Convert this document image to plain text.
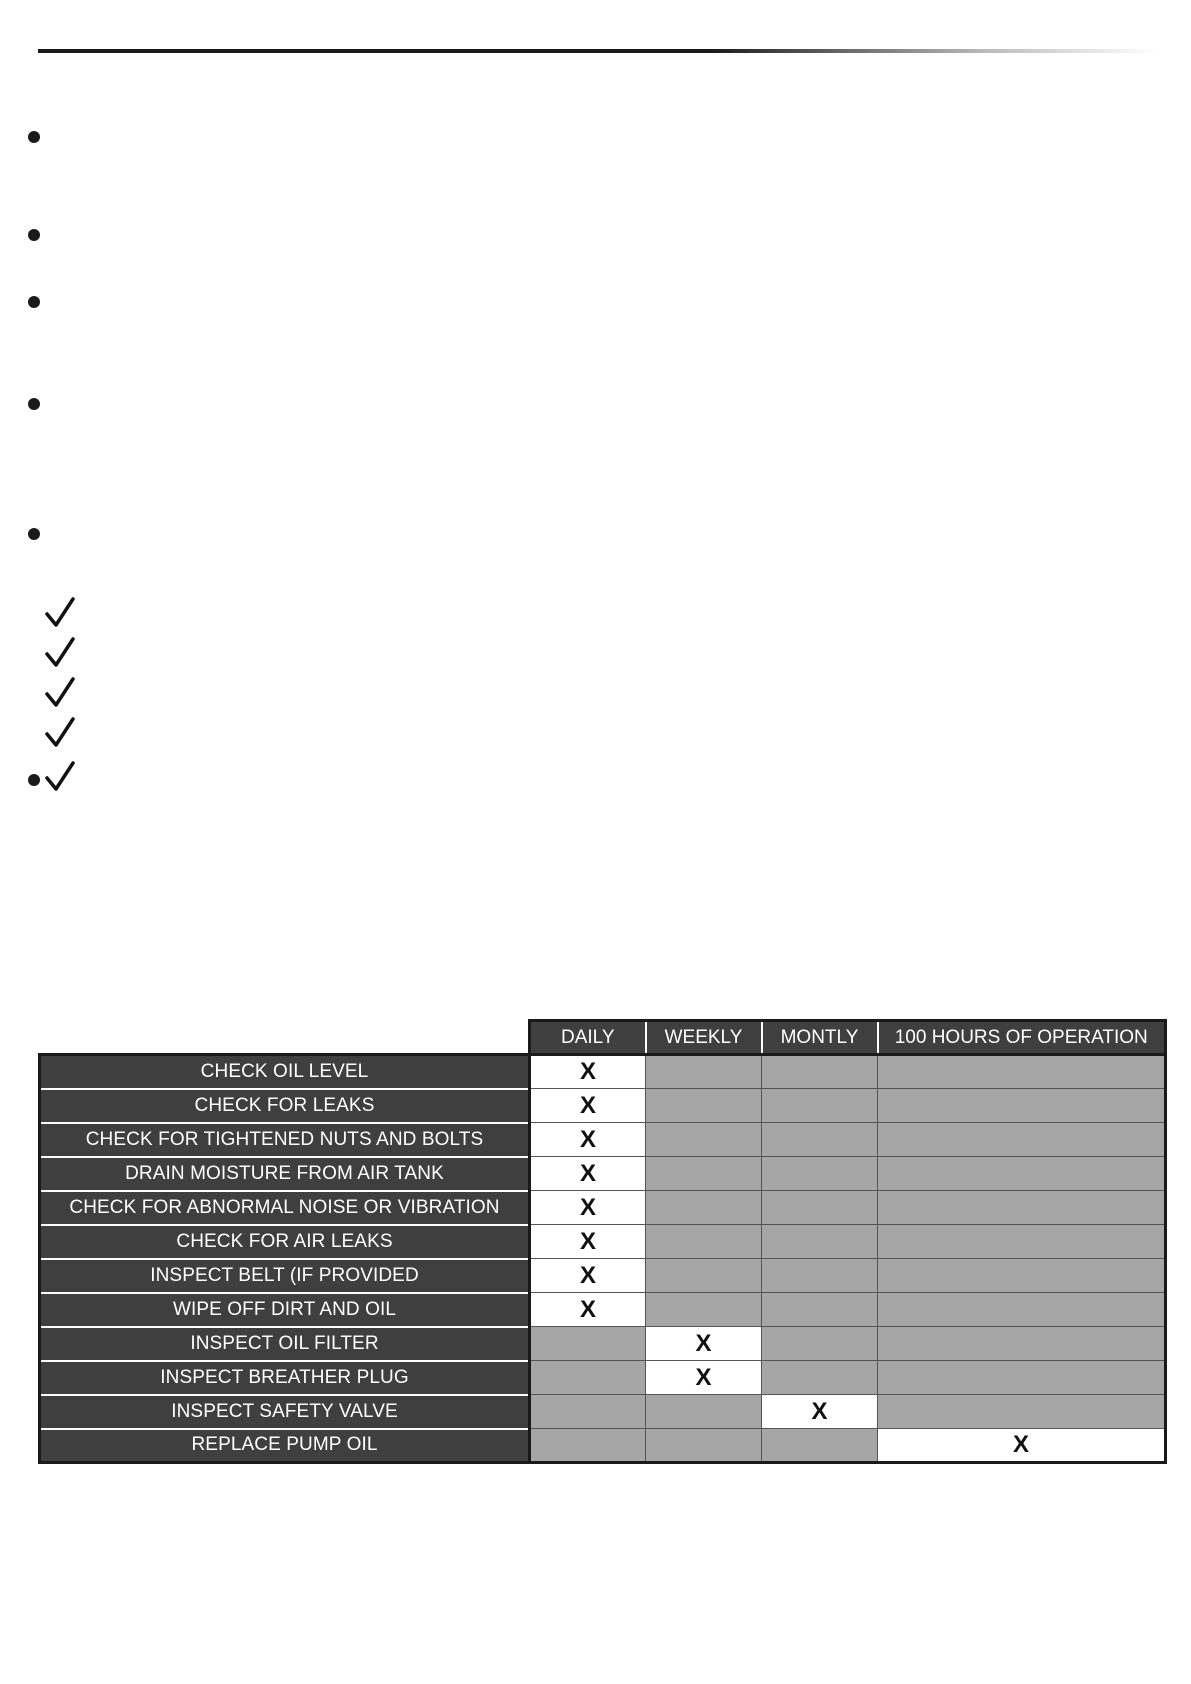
	DAILY	WEEKLY	MONTLY	100 HOURS OF OPERATION
CHECK OIL LEVEL	X			
CHECK FOR LEAKS	X			
CHECK FOR TIGHTENED NUTS AND BOLTS	X			
DRAIN MOISTURE FROM AIR TANK	X			
CHECK FOR ABNORMAL NOISE OR VIBRATION	X			
CHECK FOR AIR LEAKS	X			
INSPECT BELT (IF PROVIDED	X			
WIPE OFF DIRT AND OIL	X			
INSPECT OIL FILTER		X		
INSPECT BREATHER PLUG		X		
INSPECT SAFETY VALVE			X	
REPLACE PUMP OIL				X
